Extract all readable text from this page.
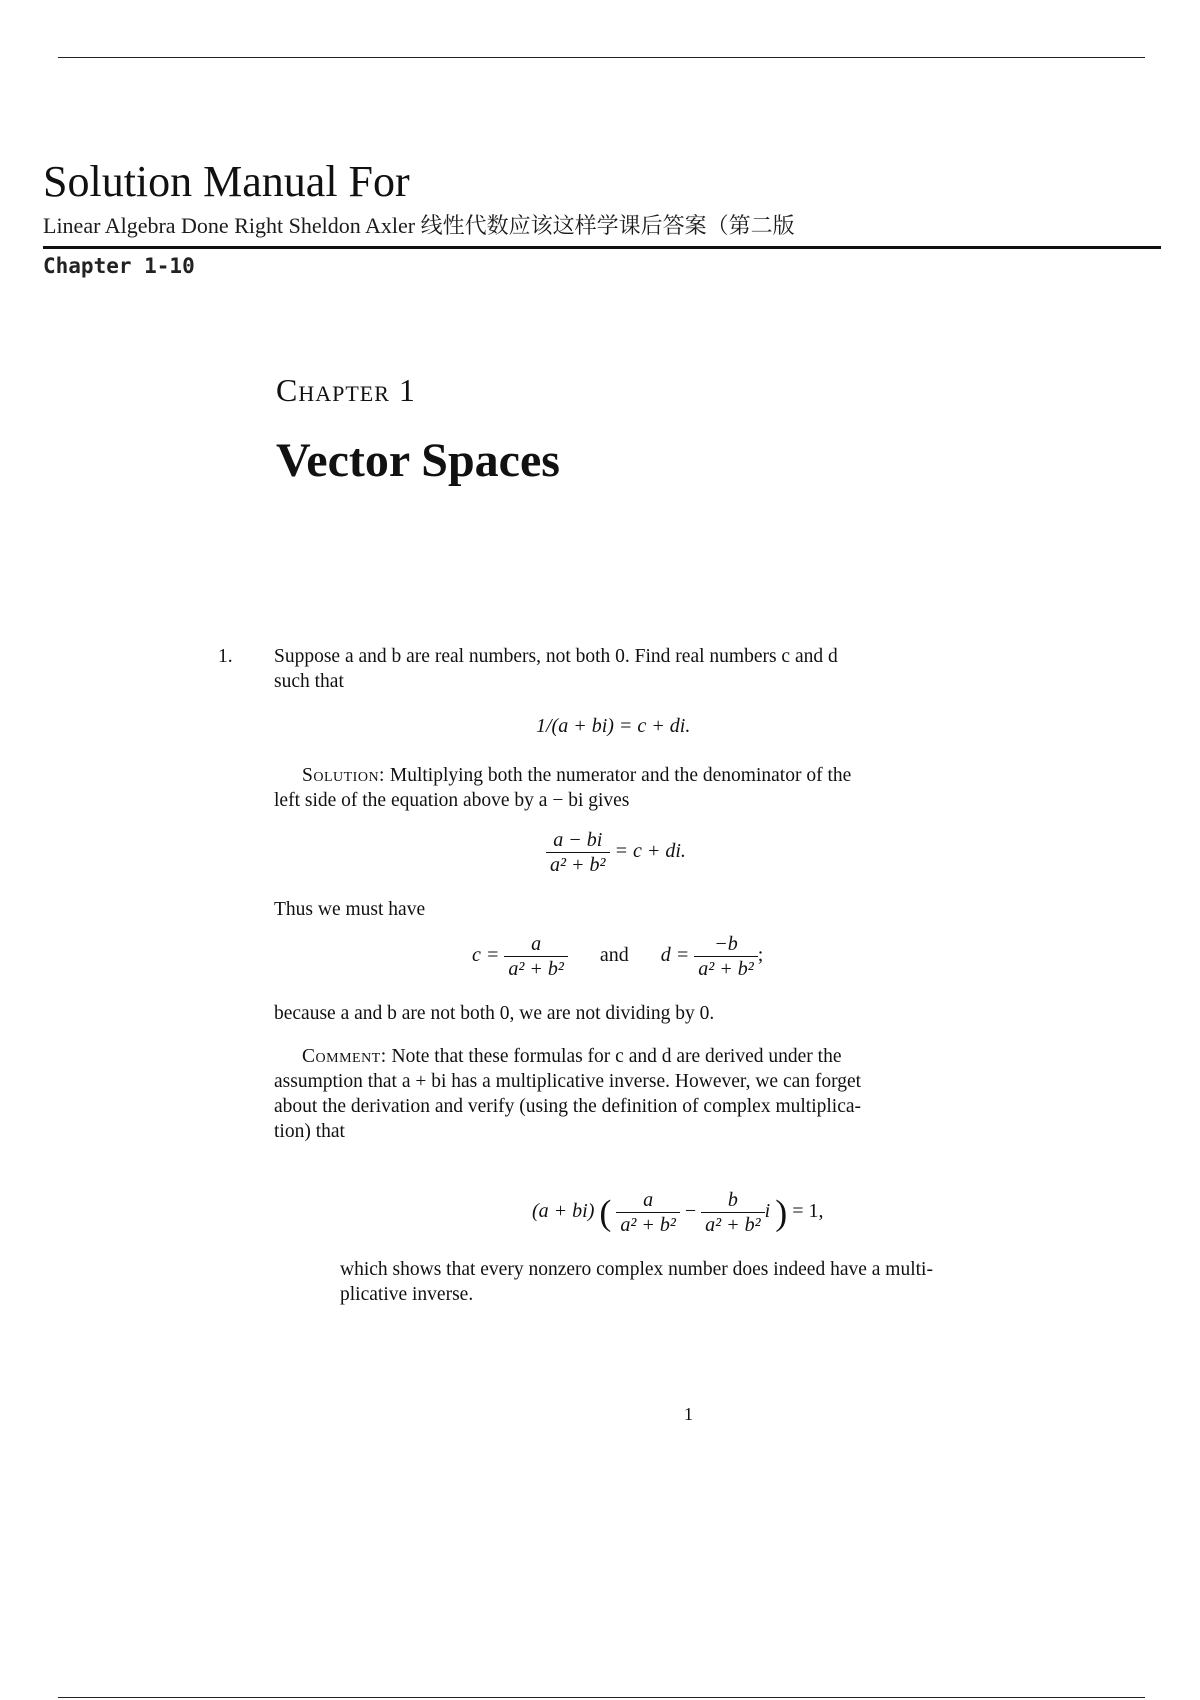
Solution Manual For
Linear Algebra Done Right Sheldon Axler 线性代数应该这样学课后答案（第二版
Chapter 1-10
Chapter 1
Vector Spaces
1. Suppose a and b are real numbers, not both 0. Find real numbers c and d
such that
1/(a + bi) = c + di.
Solution: Multiplying both the numerator and the denominator of the
left side of the equation above by a − bi gives
$\frac{a - bi}{\text{a² + b²}} = c$ + di.
Thus we must have
$c = \frac{a}{\text{a² + b²}}$ and $d = \frac{-b}{\text{a² + b²}}$ ;
because a and b are not both 0, we are not dividing by 0.
Comment: Note that these formulas for c and d are derived under the
assumption that a + bi has a multiplicative inverse. However, we can forget
about the derivation and verify (using the definition of complex multiplica-
tion) that
(a + bi) ( $\frac{a}{\text{a² + b²}} - \frac{b}{\text{a² + b²}}$ i ) = 1,
which shows that every nonzero complex number does indeed have a multi-
plicative inverse.
1
